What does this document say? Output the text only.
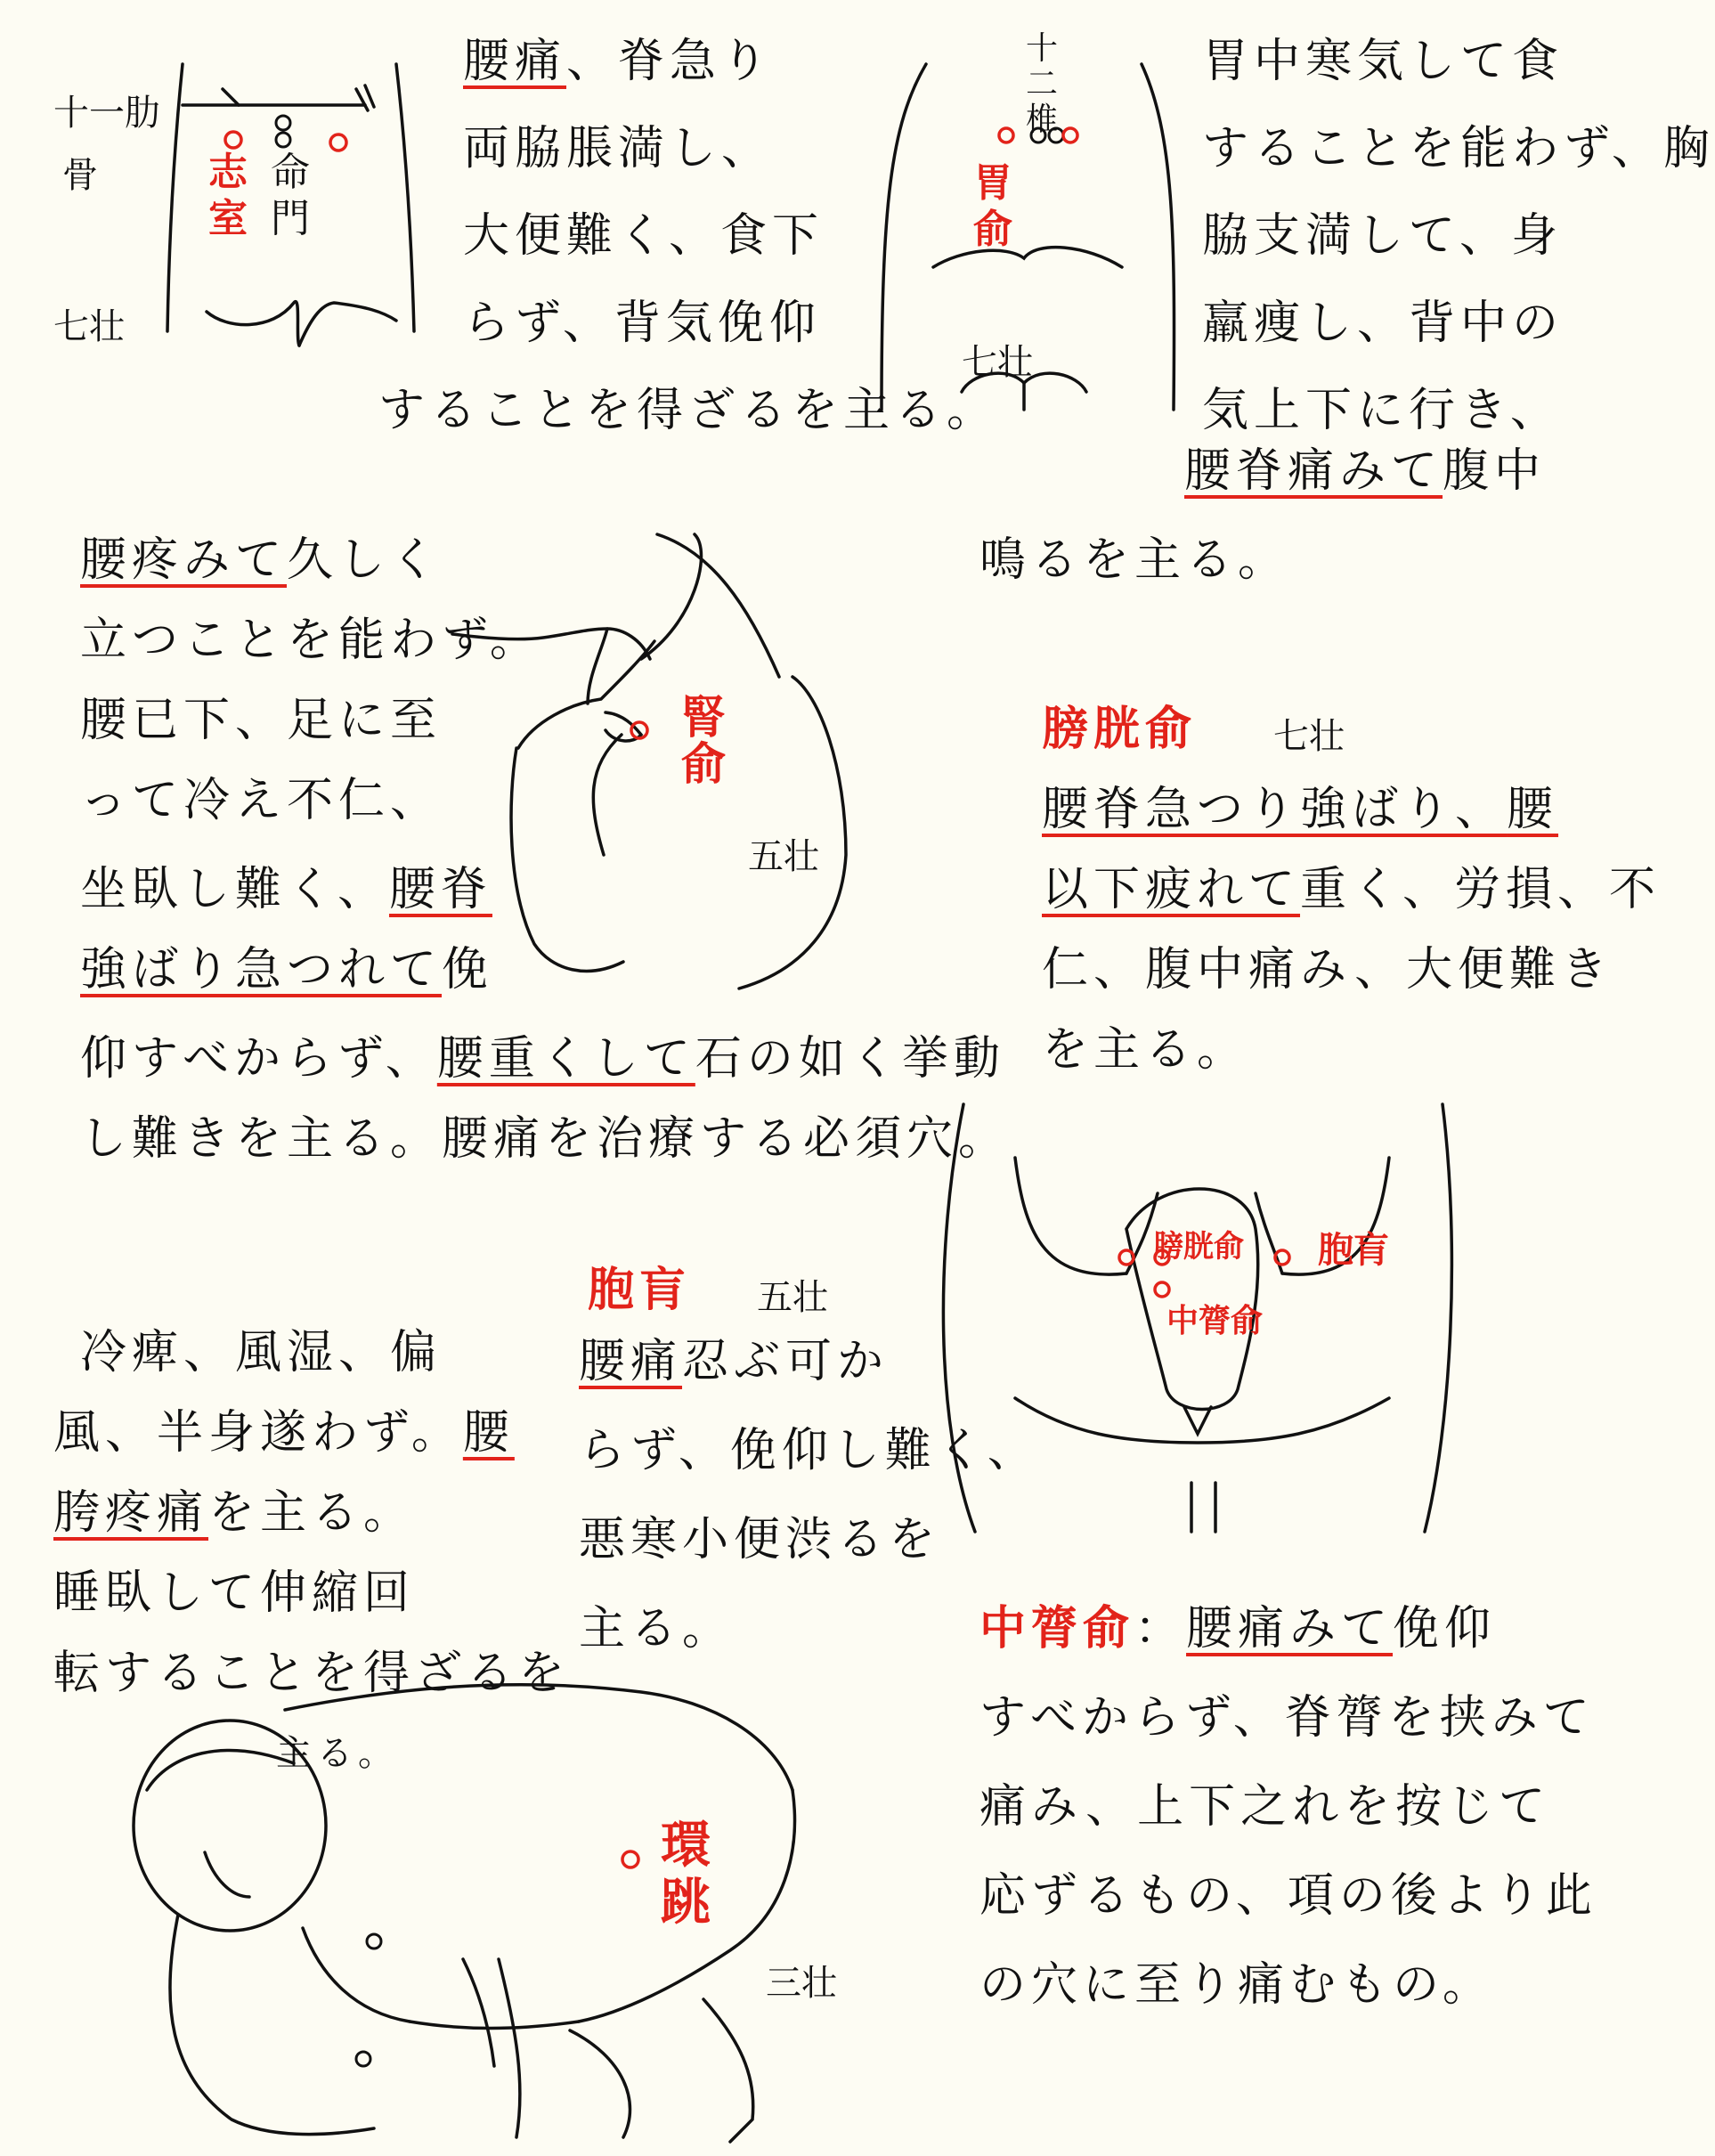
十一肋
骨	志室
命門
七壮
十二椎
胃俞
七壮
腎俞
五壮
膀胱俞 胞肓
中膂俞
環跳
三壮
腰痛、脊急り
両脇脹満し、
大便難く、食下
らず、背気俛仰
することを得ざるを主る。
胃中寒気して食
することを能わず、胸
脇支満して、身
羸痩し、背中の
気上下に行き、
腰脊痛みて腹中
鳴るを主る。
腰疼みて久しく
立つことを能わず。
腰已下、足に至
って冷え不仁、
坐臥し難く、腰脊
強ばり急つれて俛
仰すべからず、腰重くして石の如く挙動
し難きを主る。腰痛を治療する必須穴。
膀胱俞 七壮
腰脊急つり強ばり、腰
以下疲れて重く、労損、不
仁、腹中痛み、大便難き
を主る。
胞肓 五壮
腰痛忍ぶ可か
らず、俛仰し難く、
悪寒小便渋るを
主る。
冷痺、風湿、偏
風、半身遂わず。腰
胯疼痛を主る。
睡臥して伸縮回
転することを得ざるを
主る。
中膂俞：腰痛みて俛仰
すべからず、脊膂を挟みて
痛み、上下之れを按じて
応ずるもの、項の後より此
の穴に至り痛むもの。
